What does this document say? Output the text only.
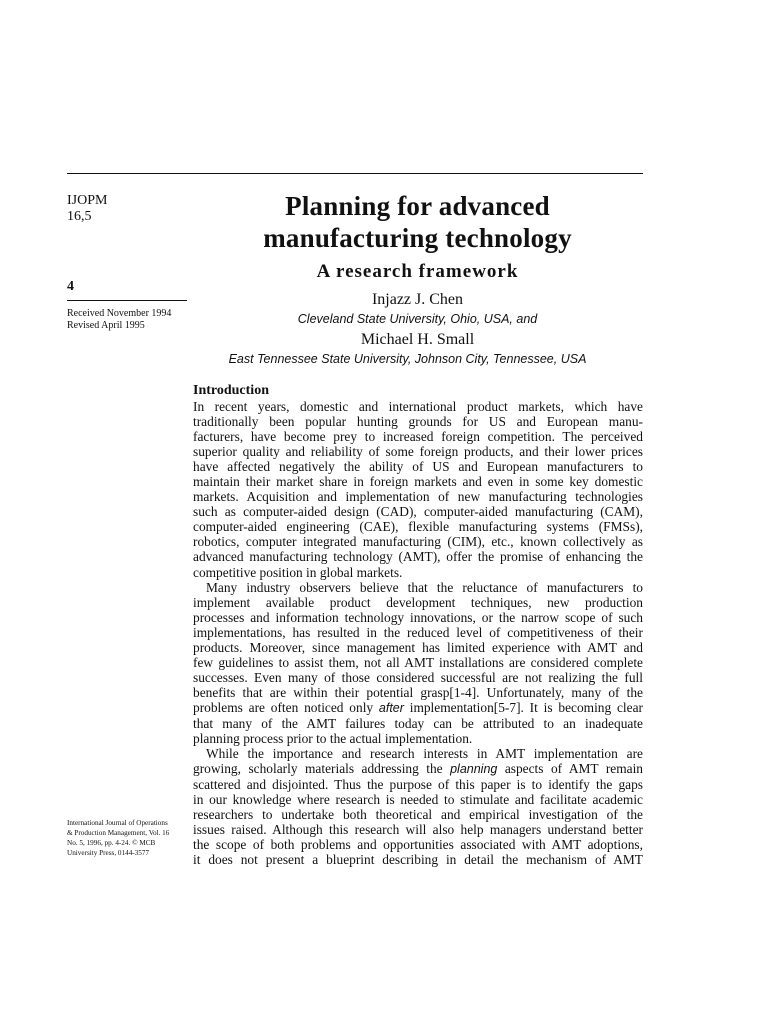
IJOPM
16,5
4
Received November 1994
Revised April 1995
International Journal of Operations
& Production Management, Vol. 16
No. 5, 1996, pp. 4-24. © MCB
University Press, 0144-3577
Planning for advanced
manufacturing technology
A research framework
Injazz J. Chen
Cleveland State University, Ohio, USA, and
Michael H. Small
East Tennessee State University, Johnson City, Tennessee, USA
Introduction
In recent years, domestic and international product markets, which have
traditionally been popular hunting grounds for US and European manu-
facturers, have become prey to increased foreign competition. The perceived
superior quality and reliability of some foreign products, and their lower prices
have affected negatively the ability of US and European manufacturers to
maintain their market share in foreign markets and even in some key domestic
markets. Acquisition and implementation of new manufacturing technologies
such as computer-aided design (CAD), computer-aided manufacturing (CAM),
computer-aided engineering (CAE), flexible manufacturing systems (FMSs),
robotics, computer integrated manufacturing (CIM), etc., known collectively as
advanced manufacturing technology (AMT), offer the promise of enhancing the
competitive position in global markets.
Many industry observers believe that the reluctance of manufacturers to
implement available product development techniques, new production
processes and information technology innovations, or the narrow scope of such
implementations, has resulted in the reduced level of competitiveness of their
products. Moreover, since management has limited experience with AMT and
few guidelines to assist them, not all AMT installations are considered complete
successes. Even many of those considered successful are not realizing the full
benefits that are within their potential grasp[1-4]. Unfortunately, many of the
problems are often noticed only after implementation[5-7]. It is becoming clear
that many of the AMT failures today can be attributed to an inadequate
planning process prior to the actual implementation.
While the importance and research interests in AMT implementation are
growing, scholarly materials addressing the planning aspects of AMT remain
scattered and disjointed. Thus the purpose of this paper is to identify the gaps
in our knowledge where research is needed to stimulate and facilitate academic
researchers to undertake both theoretical and empirical investigation of the
issues raised. Although this research will also help managers understand better
the scope of both problems and opportunities associated with AMT adoptions,
it does not present a blueprint describing in detail the mechanism of AMT
